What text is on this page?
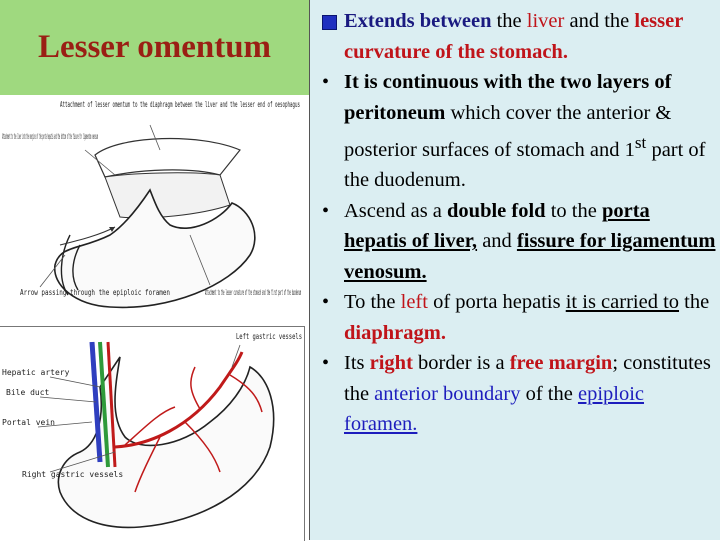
Lesser omentum
Attachment of lesser omentum to the diaphragm between the liver and the lesser end of oesophagus
Attachment to the liver into the margins of the porta hepatis and the bottom of the fissure for ligamentum venosum
Arrow passing through the epiploic foramen	Attachment to the lesser curvature of the stomach and the first part of the duodenum
Left gastric vessels
Hepatic artery
Bile duct
Portal vein
Right gastric vessels
Extends between the liver and the lesser curvature of the stomach.
• It is continuous with the two layers of peritoneum which cover the anterior & posterior surfaces of stomach and 1st part of the duodenum.
• Ascend as a double fold to the porta hepatis of liver, and fissure for ligamentum venosum.
• To the left of porta hepatis it is carried to the diaphragm.
• Its right border is a free margin; constitutes the anterior boundary of the epiploic foramen.
